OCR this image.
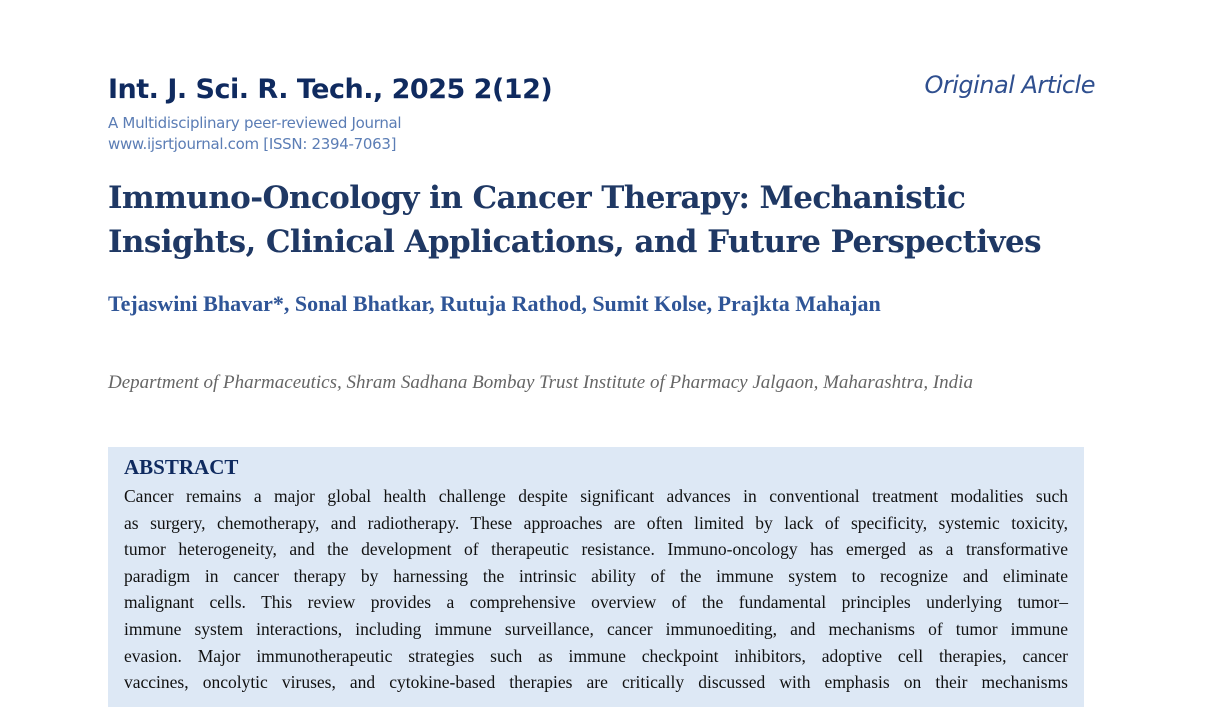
Int. J. Sci. R. Tech., 2025 2(12)	Original Article
A Multidisciplinary peer-reviewed Journal
www.ijsrtjournal.com [ISSN: 2394-7063]
Immuno-Oncology in Cancer Therapy: Mechanistic Insights, Clinical Applications, and Future Perspectives
Tejaswini Bhavar*, Sonal Bhatkar, Rutuja Rathod, Sumit Kolse, Prajkta Mahajan
Department of Pharmaceutics, Shram Sadhana Bombay Trust Institute of Pharmacy Jalgaon, Maharashtra, India
ABSTRACT
Cancer remains a major global health challenge despite significant advances in conventional treatment modalities such
as surgery, chemotherapy, and radiotherapy. These approaches are often limited by lack of specificity, systemic toxicity,
tumor heterogeneity, and the development of therapeutic resistance. Immuno-oncology has emerged as a transformative
paradigm in cancer therapy by harnessing the intrinsic ability of the immune system to recognize and eliminate
malignant cells. This review provides a comprehensive overview of the fundamental principles underlying tumor–
immune system interactions, including immune surveillance, cancer immunoediting, and mechanisms of tumor immune
evasion. Major immunotherapeutic strategies such as immune checkpoint inhibitors, adoptive cell therapies, cancer
vaccines, oncolytic viruses, and cytokine-based therapies are critically discussed with emphasis on their mechanisms
